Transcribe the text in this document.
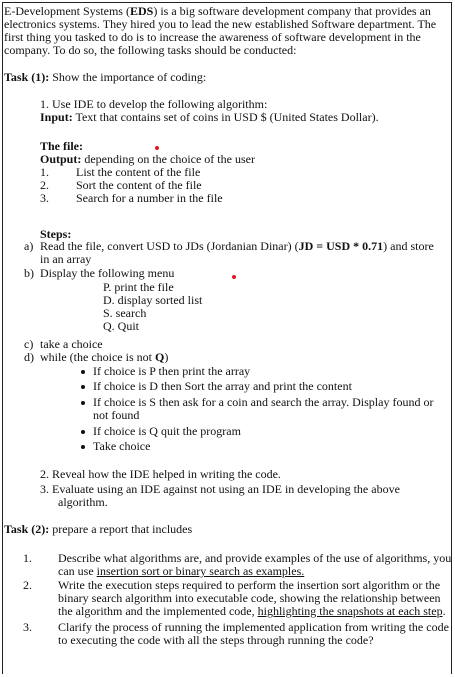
E-Development Systems (EDS) is a big software development company that provides an
electronics systems. They hired you to lead the new established Software department. The
first thing you tasked to do is to increase the awareness of software development in the
company. To do so, the following tasks should be conducted:
Task (1): Show the importance of coding:
1. Use IDE to develop the following algorithm:
Input: Text that contains set of coins in USD $ (United States Dollar).
The file:
Output: depending on the choice of the user
1. List the content of the file
2. Sort the content of the file
3. Search for a number in the file
Steps:
a) Read the file, convert USD to JDs (Jordanian Dinar) (JD = USD * 0.71) and store
in an array
b) Display the following menu
P. print the file
D. display sorted list
S. search
Q. Quit
c) take a choice
d) while (the choice is not Q)
If choice is P then print the array
If choice is D then Sort the array and print the content
If choice is S then ask for a coin and search the array. Display found or
not found
If choice is Q quit the program
Take choice
2. Reveal how the IDE helped in writing the code.
3. Evaluate using an IDE against not using an IDE in developing the above
algorithm.
Task (2): prepare a report that includes
1. Describe what algorithms are, and provide examples of the use of algorithms, you
can use insertion sort or binary search as examples.
2. Write the execution steps required to perform the insertion sort algorithm or the
binary search algorithm into executable code, showing the relationship between
the algorithm and the implemented code, highlighting the snapshots at each step.
3. Clarify the process of running the implemented application from writing the code
to executing the code with all the steps through running the code?
